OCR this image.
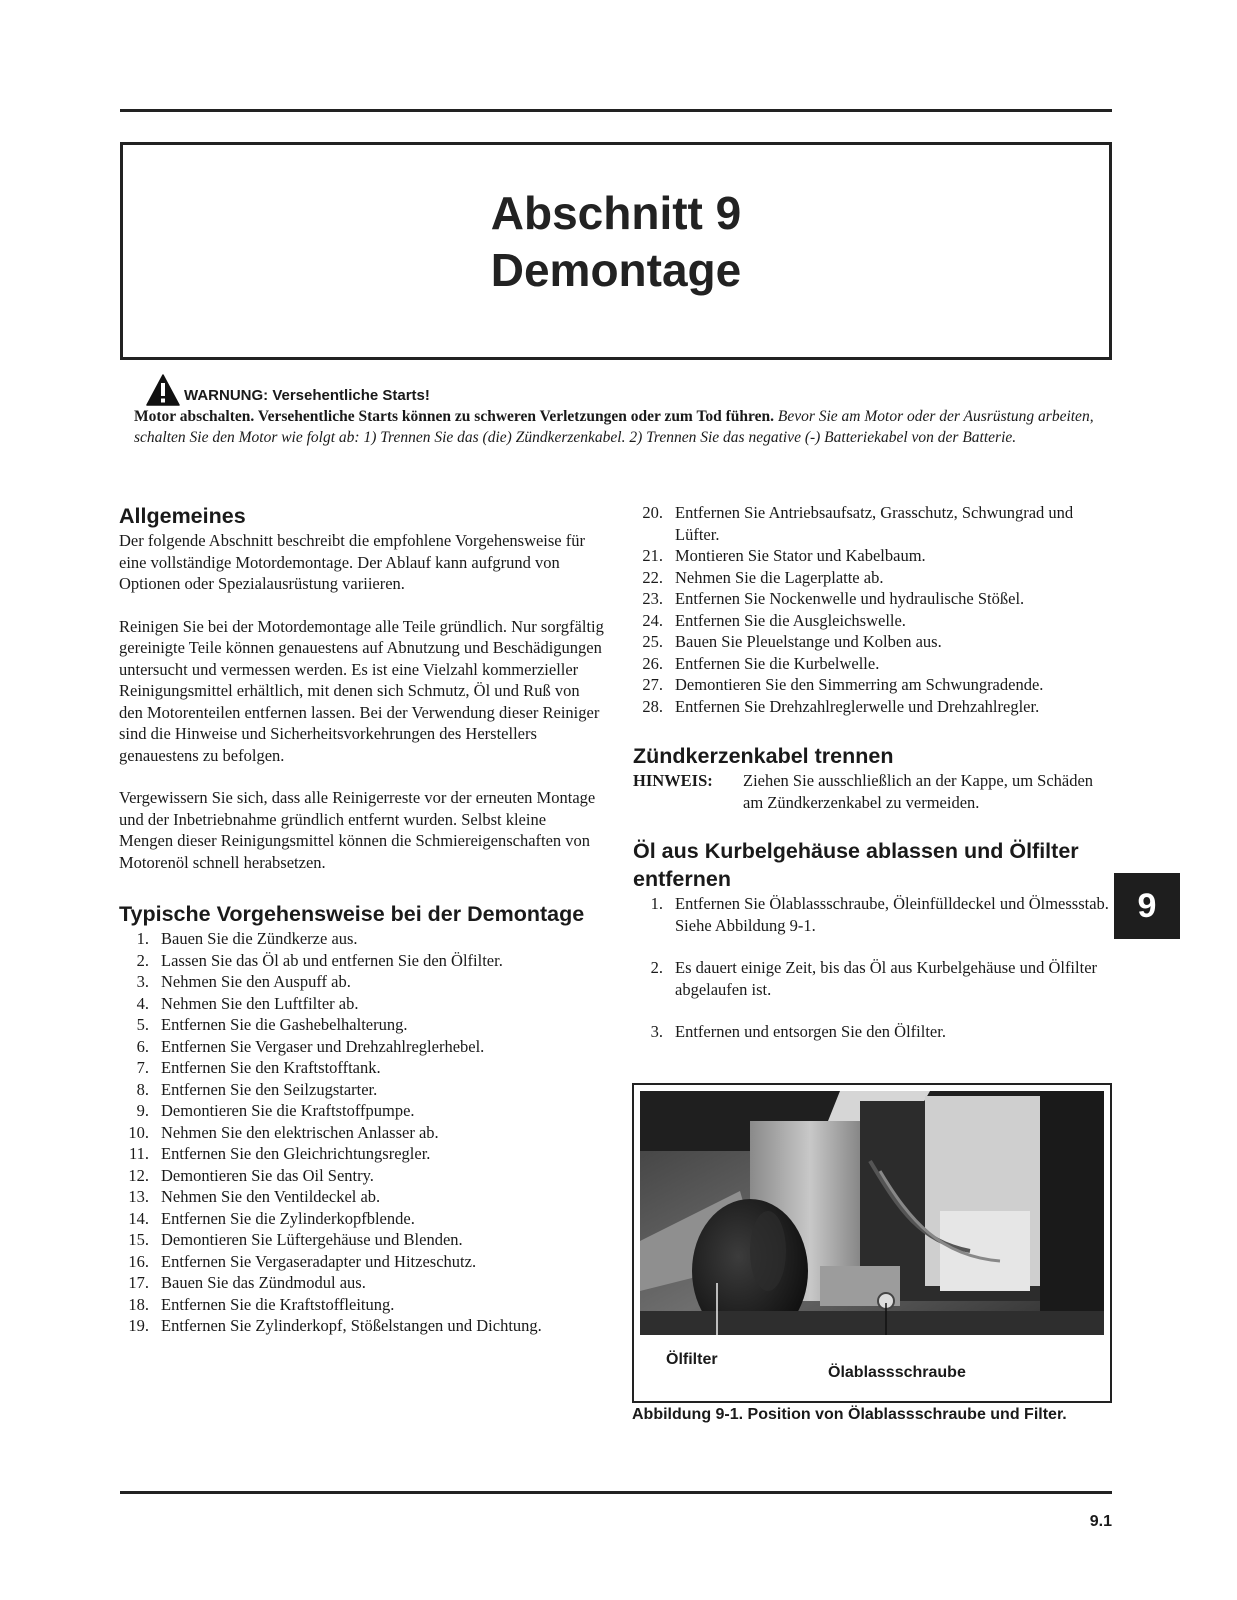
Abschnitt 9
Demontage
WARNUNG: Versehentliche Starts!
Motor abschalten. Versehentliche Starts können zu schweren Verletzungen oder zum Tod führen. Bevor Sie am Motor oder der Ausrüstung arbeiten, schalten Sie den Motor wie folgt ab: 1) Trennen Sie das (die) Zündkerzenkabel. 2) Trennen Sie das negative (-) Batteriekabel von der Batterie.
Allgemeines

Der folgende Abschnitt beschreibt die empfohlene Vorgehensweise für eine vollständige Motordemontage. Der Ablauf kann aufgrund von Optionen oder Spezialausrüstung variieren.

Reinigen Sie bei der Motordemontage alle Teile gründlich. Nur sorgfältig gereinigte Teile können genauestens auf Abnutzung und Beschädigungen untersucht und vermessen werden. Es ist eine Vielzahl kommerzieller Reinigungsmittel erhältlich, mit denen sich Schmutz, Öl und Ruß von den Motorenteilen entfernen lassen. Bei der Verwendung dieser Reiniger sind die Hinweise und Sicherheitsvorkehrungen des Herstellers genauestens zu befolgen.

Vergewissern Sie sich, dass alle Reinigerreste vor der erneuten Montage und der Inbetriebnahme gründlich entfernt wurden. Selbst kleine Mengen dieser Reinigungsmittel können die Schmiereigenschaften von Motorenöl schnell herabsetzen.

Typische Vorgehensweise bei der Demontage
1. Bauen Sie die Zündkerze aus.
2. Lassen Sie das Öl ab und entfernen Sie den Ölfilter.
3. Nehmen Sie den Auspuff ab.
4. Nehmen Sie den Luftfilter ab.
5. Entfernen Sie die Gashebelhalterung.
6. Entfernen Sie Vergaser und Drehzahlreglerhebel.
7. Entfernen Sie den Kraftstofftank.
8. Entfernen Sie den Seilzugstarter.
9. Demontieren Sie die Kraftstoffpumpe.
10. Nehmen Sie den elektrischen Anlasser ab.
11. Entfernen Sie den Gleichrichtungsregler.
12. Demontieren Sie das Oil Sentry.
13. Nehmen Sie den Ventildeckel ab.
14. Entfernen Sie die Zylinderkopfblende.
15. Demontieren Sie Lüftergehäuse und Blenden.
16. Entfernen Sie Vergaseradapter und Hitzeschutz.
17. Bauen Sie das Zündmodul aus.
18. Entfernen Sie die Kraftstoffleitung.
19. Entfernen Sie Zylinderkopf, Stößelstangen und Dichtung.
20. Entfernen Sie Antriebsaufsatz, Grasschutz, Schwungrad und Lüfter.
21. Montieren Sie Stator und Kabelbaum.
22. Nehmen Sie die Lagerplatte ab.
23. Entfernen Sie Nockenwelle und hydraulische Stößel.
24. Entfernen Sie die Ausgleichswelle.
25. Bauen Sie Pleuelstange und Kolben aus.
26. Entfernen Sie die Kurbelwelle.
27. Demontieren Sie den Simmerring am Schwungradende.
28. Entfernen Sie Drehzahlreglerwelle und Drehzahlregler.
Zündkerzenkabel trennen
HINWEIS:	Ziehen Sie ausschließlich an der Kappe, um Schäden am Zündkerzenkabel zu vermeiden.
Öl aus Kurbelgehäuse ablassen und Ölfilter entfernen
1. Entfernen Sie Ölablassschraube, Öleinfülldeckel und Ölmessstab. Siehe Abbildung 9-1.
2. Es dauert einige Zeit, bis das Öl aus Kurbelgehäuse und Ölfilter abgelaufen ist.
3. Entfernen und entsorgen Sie den Ölfilter.
9
Ölfilter
Ölablassschraube
Abbildung 9-1. Position von Ölablassschraube und Filter.
9.1
